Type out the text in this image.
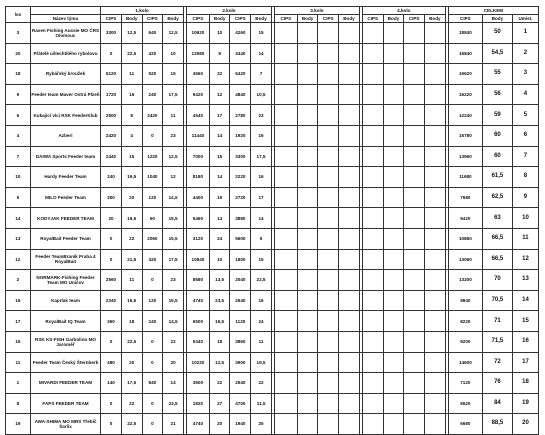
los		1.kolo					2.kolo					3.kolo					4.kolo					CELKEM		
	Název týmu	CIPS	Body	CIPS	Body		CIPS	Body	CIPS	Body		CIPS	Body	CIPS	Body		CIPS	Body	CIPS	Body		CIPS	Body	Umíst.
3	Raven Fishing Aussie MO ČRS Olomouc	3300	12,5	640	12,5		10620	10	4260	15												18840	50	1
20	Přátelé ušlechtilého rybolovu	0	22,5	420	10		12980	8	3440	14												16840	54,5	2
18	Rybářský kroužek	5120	11	520	15		4560	22	6420	7												16620	55	3
9	Feeder team Maver Ostrá Plzeň	1720	16	240	17,5		9420	12	4840	10,5												16220	56	4
6	Kukající vlci RSK FeederKlub	2500	8	2420	11		4540	17	2780	23												12240	59	5
4	Azberi	2420	4	0	23		11440	14	1920	16												15780	60	6
7	DAIWA Sports Feeder team	2440	15	1220	12,5		7000	15	3300	17,5												13960	60	7
10	Hardy Feeder Team	240	19,5	1040	12		8180	14	2220	16												11680	61,5	8
5	MILO Feeder Team	300	20	120	14,5		4400	19	2720	17												7680	62,5	9
14	KODYJAK FEEDER TEAM	20	19,5	60	15,5		5460	14	3880	14												9420	63	10
13	RoyalBait Feeder Team	0	22	2060	15,5		3120	24	5600	5												10860	66,5	11
12	Feeder TeamBraník Praha 4 RoyalBait	0	21,5	420	17,5		10840	10	1800	15												13060	66,5	12
2	NORMARK-Fishing Feeder Team MO Uničov	2560	11	0	23		8580	13,5	2040	22,5												13200	70	13
16	Kaprlak team	2340	15,5	120	15,5		4740	23,5	2640	16												9840	70,5	14
17	RoyalBait IQ Team	360	18	240	14,5		6500	16,5	1120	24												8220	71	15
15	RSK KS-FISH Garbolino MO Jaroměř	0	22,5	0	22		5340	18	3860	11												9200	71,5	16
11	Feeder Team Český Šternberk	480	20	0	20		10220	12,5	3900	19,5												14600	72	17
1	MIVARDI FEEDER TEAM	140	17,5	840	14		3600	22	2540	22												7120	76	18
8	FAPS FEEDER TEAM	0	22	0	23,5		1820	27	4700	11,5												6520	84	19
19	AWA-SHIMA MO MRS Třebíč Šarlix	0	22,5	0	21		4740	20	1940	25												6680	88,5	20
